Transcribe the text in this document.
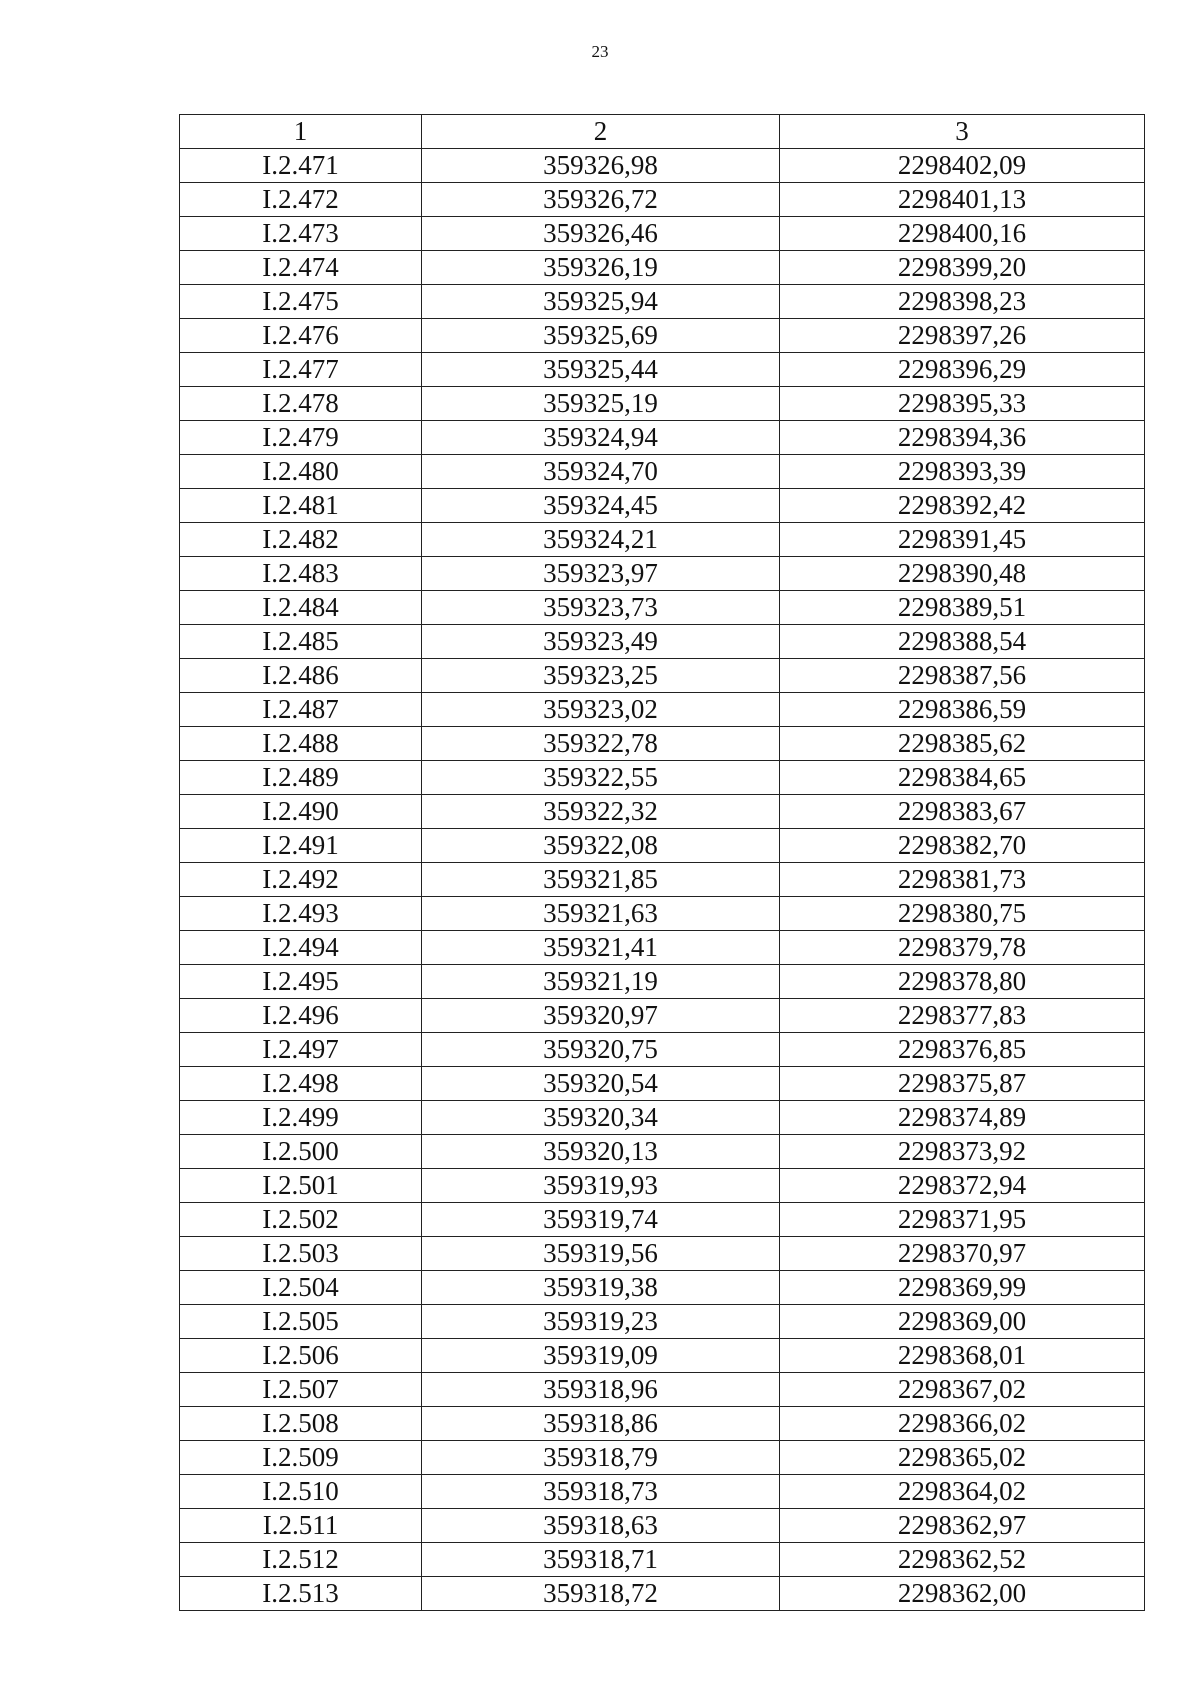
23
1	2	3
I.2.471	359326,98	2298402,09
I.2.472	359326,72	2298401,13
I.2.473	359326,46	2298400,16
I.2.474	359326,19	2298399,20
I.2.475	359325,94	2298398,23
I.2.476	359325,69	2298397,26
I.2.477	359325,44	2298396,29
I.2.478	359325,19	2298395,33
I.2.479	359324,94	2298394,36
I.2.480	359324,70	2298393,39
I.2.481	359324,45	2298392,42
I.2.482	359324,21	2298391,45
I.2.483	359323,97	2298390,48
I.2.484	359323,73	2298389,51
I.2.485	359323,49	2298388,54
I.2.486	359323,25	2298387,56
I.2.487	359323,02	2298386,59
I.2.488	359322,78	2298385,62
I.2.489	359322,55	2298384,65
I.2.490	359322,32	2298383,67
I.2.491	359322,08	2298382,70
I.2.492	359321,85	2298381,73
I.2.493	359321,63	2298380,75
I.2.494	359321,41	2298379,78
I.2.495	359321,19	2298378,80
I.2.496	359320,97	2298377,83
I.2.497	359320,75	2298376,85
I.2.498	359320,54	2298375,87
I.2.499	359320,34	2298374,89
I.2.500	359320,13	2298373,92
I.2.501	359319,93	2298372,94
I.2.502	359319,74	2298371,95
I.2.503	359319,56	2298370,97
I.2.504	359319,38	2298369,99
I.2.505	359319,23	2298369,00
I.2.506	359319,09	2298368,01
I.2.507	359318,96	2298367,02
I.2.508	359318,86	2298366,02
I.2.509	359318,79	2298365,02
I.2.510	359318,73	2298364,02
I.2.511	359318,63	2298362,97
I.2.512	359318,71	2298362,52
I.2.513	359318,72	2298362,00
